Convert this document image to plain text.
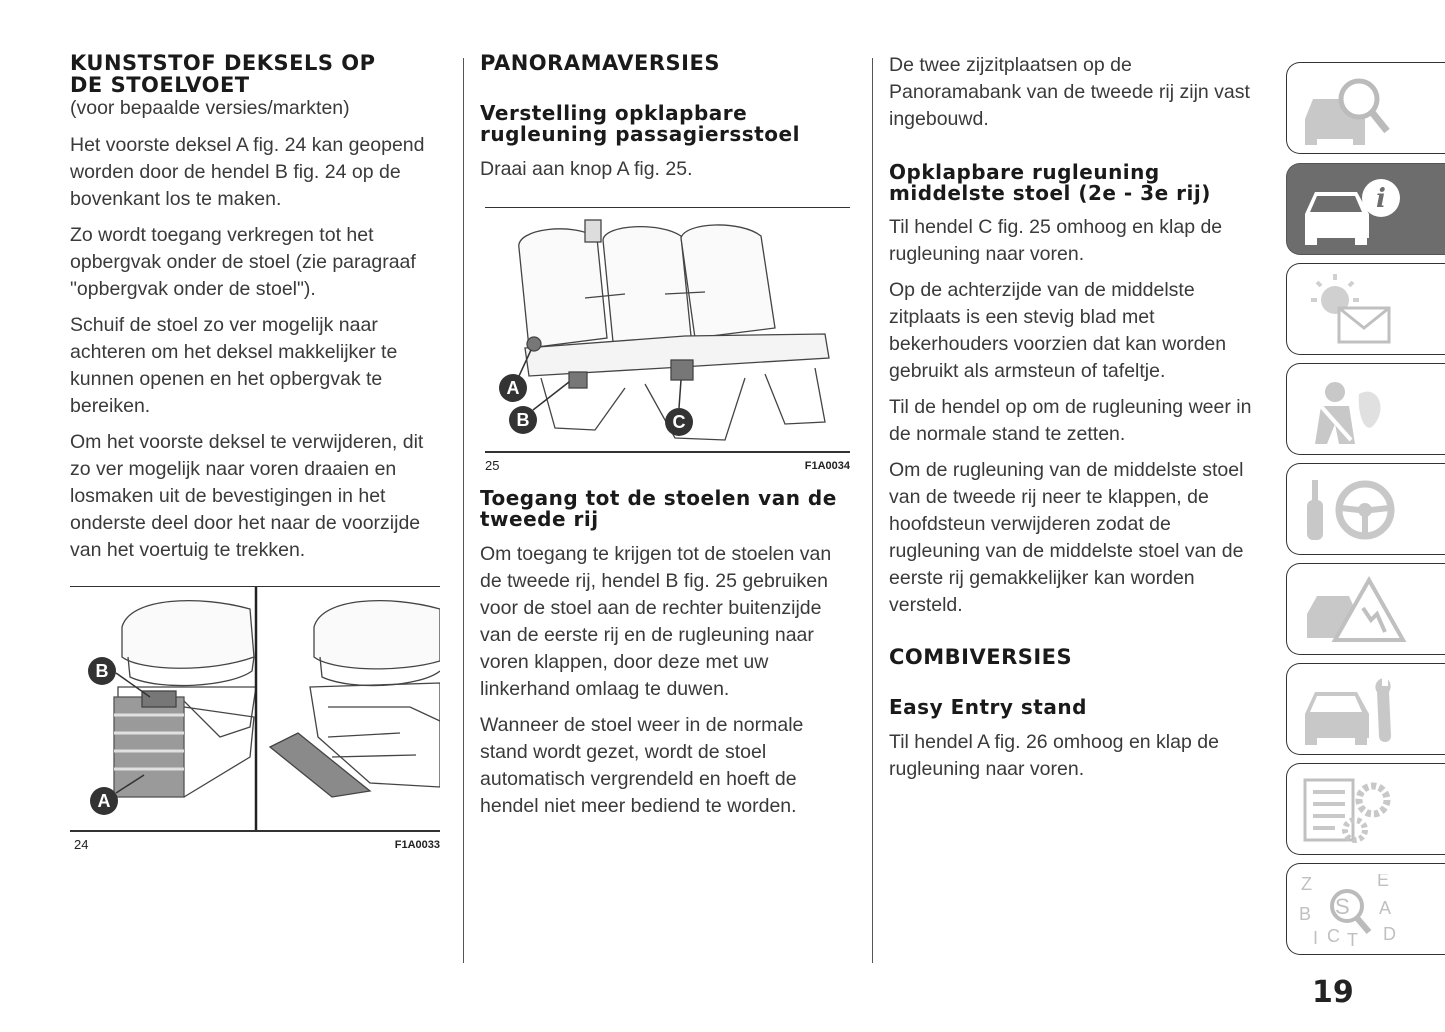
KUNSTSTOF DEKSELS OP DE STOELVOET
(voor bepaalde versies/markten)

Het voorste deksel A fig. 24 kan geopend worden door de hendel B fig. 24 op de bovenkant los te maken.

Zo wordt toegang verkregen tot het opbergvak onder de stoel (zie paragraaf "opbergvak onder de stoel").

Schuif de stoel zo ver mogelijk naar achteren om het deksel makkelijker te kunnen openen en het opbergvak te bereiken.

Om het voorste deksel te verwijderen, dit zo ver mogelijk naar voren draaien en losmaken uit de bevestigingen in het onderste deel door het naar de voorzijde van het voertuig te trekken.

B
A
24	F1A0033
PANORAMAVERSIES
Verstelling opklapbare rugleuning passagiersstoel

Draai aan knop A fig. 25.

A
B	C
25	F1A0034
Toegang tot de stoelen van de tweede rij

Om toegang te krijgen tot de stoelen van de tweede rij, hendel B fig. 25 gebruiken voor de stoel aan de rechter buitenzijde van de eerste rij en de rugleuning naar voren klappen, door deze met uw linkerhand omlaag te duwen.

Wanneer de stoel weer in de normale stand wordt gezet, wordt de stoel automatisch vergrendeld en hoeft de hendel niet meer bediend te worden.

De twee zijzitplaatsen op de Panoramabank van de tweede rij zijn vast ingebouwd.

Opklapbare rugleuning middelste stoel (2e - 3e rij)

Til hendel C fig. 25 omhoog en klap de rugleuning naar voren.

Op de achterzijde van de middelste zitplaats is een stevig blad met bekerhouders voorzien dat kan worden gebruikt als armsteun of tafeltje.

Til de hendel op om de rugleuning weer in de normale stand te zetten.

Om de rugleuning van de middelste stoel van de tweede rij neer te klappen, de hoofdsteun verwijderen zodat de rugleuning van de middelste stoel van de eerste rij gemakkelijker kan worden versteld.

COMBIVERSIES
Easy Entry stand

Til hendel A fig. 26 omhoog en klap de rugleuning naar voren.

i
Z	E
S
B	A
I C T D
19
